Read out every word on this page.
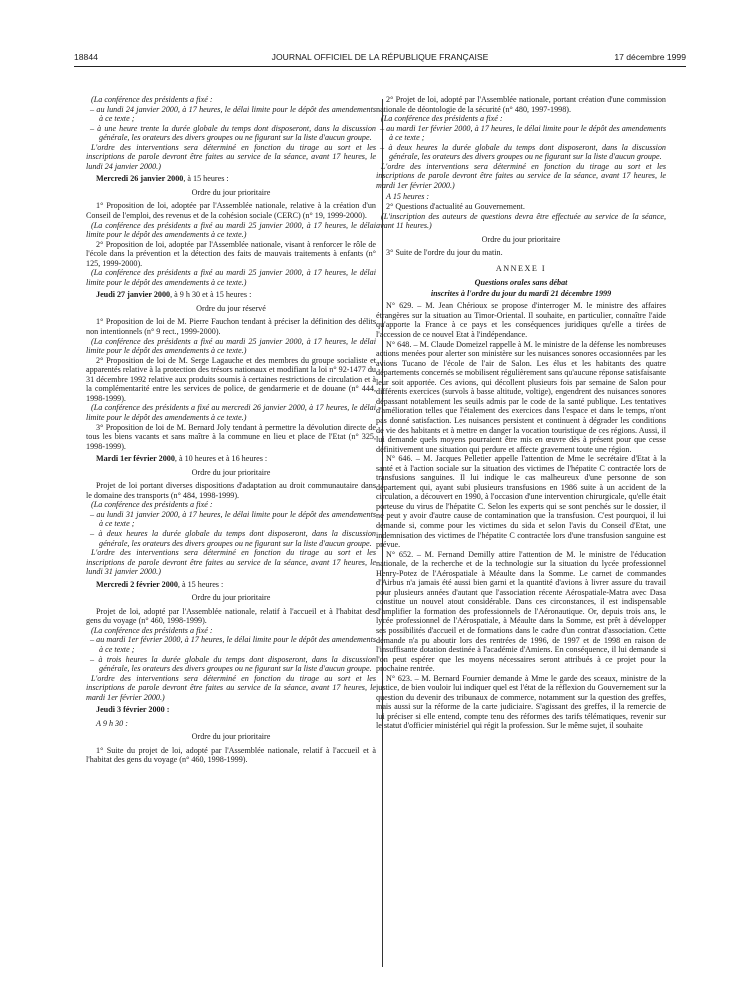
18844	JOURNAL OFFICIEL DE LA RÉPUBLIQUE FRANÇAISE	17 décembre 1999

(La conférence des présidents a fixé :

– au lundi 24 janvier 2000, à 17 heures, le délai limite pour le dépôt des amendements à ce texte ;

– à une heure trente la durée globale du temps dont disposeront, dans la discussion générale, les orateurs des divers groupes ou ne figurant sur la liste d'aucun groupe.

L'ordre des interventions sera déterminé en fonction du tirage au sort et les inscriptions de parole devront être faites au service de la séance, avant 17 heures, le lundi 24 janvier 2000.)

Mercredi 26 janvier 2000, à 15 heures :

Ordre du jour prioritaire

1° Proposition de loi, adoptée par l'Assemblée nationale, relative à la création d'un Conseil de l'emploi, des revenus et de la cohésion sociale (CERC) (n° 19, 1999-2000).

(La conférence des présidents a fixé au mardi 25 janvier 2000, à 17 heures, le délai limite pour le dépôt des amendements à ce texte.)

2° Proposition de loi, adoptée par l'Assemblée nationale, visant à renforcer le rôle de l'école dans la prévention et la détection des faits de mauvais traitements à enfants (n° 125, 1999-2000).

(La conférence des présidents a fixé au mardi 25 janvier 2000, à 17 heures, le délai limite pour le dépôt des amendements à ce texte.)

Jeudi 27 janvier 2000, à 9 h 30 et à 15 heures :

Ordre du jour réservé

1° Proposition de loi de M. Pierre Fauchon tendant à préciser la définition des délits non intentionnels (n° 9 rect., 1999-2000).

(La conférence des présidents a fixé au mardi 25 janvier 2000, à 17 heures, le délai limite pour le dépôt des amendements à ce texte.)

2° Proposition de loi de M. Serge Lagauche et des membres du groupe socialiste et apparentés relative à la protection des trésors nationaux et modifiant la loi n° 92-1477 du 31 décembre 1992 relative aux produits soumis à certaines restrictions de circulation et à la complémentarité entre les services de police, de gendarmerie et de douane (n° 444, 1998-1999).

(La conférence des présidents a fixé au mercredi 26 janvier 2000, à 17 heures, le délai limite pour le dépôt des amendements à ce texte.)

3° Proposition de loi de M. Bernard Joly tendant à permettre la dévolution directe de tous les biens vacants et sans maître à la commune en lieu et place de l'Etat (n° 325, 1998-1999).

Mardi 1er février 2000, à 10 heures et à 16 heures :

Ordre du jour prioritaire

Projet de loi portant diverses dispositions d'adaptation au droit communautaire dans le domaine des transports (n° 484, 1998-1999).

(La conférence des présidents a fixé :

– au lundi 31 janvier 2000, à 17 heures, le délai limite pour le dépôt des amendements à ce texte ;

– à deux heures la durée globale du temps dont disposeront, dans la discussion générale, les orateurs des divers groupes ou ne figurant sur la liste d'aucun groupe.

L'ordre des interventions sera déterminé en fonction du tirage au sort et les inscriptions de parole devront être faites au service de la séance, avant 17 heures, le lundi 31 janvier 2000.)

Mercredi 2 février 2000, à 15 heures :

Ordre du jour prioritaire

Projet de loi, adopté par l'Assemblée nationale, relatif à l'accueil et à l'habitat des gens du voyage (n° 460, 1998-1999).

(La conférence des présidents a fixé :

– au mardi 1er février 2000, à 17 heures, le délai limite pour le dépôt des amendements à ce texte ;

– à trois heures la durée globale du temps dont disposeront, dans la discussion générale, les orateurs des divers groupes ou ne figurant sur la liste d'aucun groupe.

L'ordre des interventions sera déterminé en fonction du tirage au sort et les inscriptions de parole devront être faites au service de la séance, avant 17 heures, le mardi 1er février 2000.)

Jeudi 3 février 2000 :

A 9 h 30 :

Ordre du jour prioritaire

1° Suite du projet de loi, adopté par l'Assemblée nationale, relatif à l'accueil et à l'habitat des gens du voyage (n° 460, 1998-1999).

2° Projet de loi, adopté par l'Assemblée nationale, portant création d'une commission nationale de déontologie de la sécurité (n° 480, 1997-1998).

(La conférence des présidents a fixé :

– au mardi 1er février 2000, à 17 heures, le délai limite pour le dépôt des amendements à ce texte ;

– à deux heures la durée globale du temps dont disposeront, dans la discussion générale, les orateurs des divers groupes ou ne figurant sur la liste d'aucun groupe.

L'ordre des interventions sera déterminé en fonction du tirage au sort et les inscriptions de parole devront être faites au service de la séance, avant 17 heures, le mardi 1er février 2000.)

A 15 heures :

2° Questions d'actualité au Gouvernement.

(L'inscription des auteurs de questions devra être effectuée au service de la séance, avant 11 heures.)

Ordre du jour prioritaire

3° Suite de l'ordre du jour du matin.

ANNEXE I

Questions orales sans débat

inscrites à l'ordre du jour du mardi 21 décembre 1999

N° 629. – M. Jean Chérioux se propose d'interroger M. le ministre des affaires étrangères sur la situation au Timor-Oriental. Il souhaite, en particulier, connaître l'aide qu'apporte la France à ce pays et les conséquences juridiques qu'elle a tirées de l'accession de ce nouvel Etat à l'indépendance.

N° 648. – M. Claude Domeizel rappelle à M. le ministre de la défense les nombreuses actions menées pour alerter son ministère sur les nuisances sonores occasionnées par les avions Tucano de l'école de l'air de Salon. Les élus et les habitants des quatre départements concernés se mobilisent régulièrement sans qu'aucune réponse satisfaisante leur soit apportée. Ces avions, qui décollent plusieurs fois par semaine de Salon pour différents exercices (survols à basse altitude, voltige), engendrent des nuisances sonores dépassant notablement les seuils admis par le code de la santé publique. Les tentatives d'amélioration telles que l'étalement des exercices dans l'espace et dans le temps, n'ont pas donné satisfaction. Les nuisances persistent et continuent à dégrader les conditions de vie des habitants et à mettre en danger la vocation touristique de ces régions. Aussi, il lui demande quels moyens pourraient être mis en œuvre dès à présent pour que cesse définitivement une situation qui perdure et affecte gravement toute une région.

N° 646. – M. Jacques Pelletier appelle l'attention de Mme le secrétaire d'Etat à la santé et à l'action sociale sur la situation des victimes de l'hépatite C contractée lors de transfusions sanguines. Il lui indique le cas malheureux d'une personne de son département qui, ayant subi plusieurs transfusions en 1986 suite à un accident de la circulation, a découvert en 1990, à l'occasion d'une intervention chirurgicale, qu'elle était porteuse du virus de l'hépatite C. Selon les experts qui se sont penchés sur le dossier, il ne peut y avoir d'autre cause de contamination que la transfusion. C'est pourquoi, il lui demande si, comme pour les victimes du sida et selon l'avis du Conseil d'Etat, une indemnisation des victimes de l'hépatite C contractée lors d'une transfusion sanguine est prévue.

N° 652. – M. Fernand Demilly attire l'attention de M. le ministre de l'éducation nationale, de la recherche et de la technologie sur la situation du lycée professionnel Henry-Potez de l'Aérospatiale à Méaulte dans la Somme. Le carnet de commandes d'Airbus n'a jamais été aussi bien garni et la quantité d'avions à livrer assure du travail pour plusieurs années d'autant que l'association récente Aérospatiale-Matra avec Dasa constitue un nouvel atout considérable. Dans ces circonstances, il est indispensable d'amplifier la formation des professionnels de l'Aéronautique. Or, depuis trois ans, le lycée professionnel de l'Aérospatiale, à Méaulte dans la Somme, est prêt à développer ses possibilités d'accueil et de formations dans le cadre d'un contrat d'association. Cette demande n'a pu aboutir lors des rentrées de 1996, de 1997 et de 1998 en raison de l'insuffisante dotation destinée à l'académie d'Amiens. En conséquence, il lui demande si l'on peut espérer que les moyens nécessaires seront attribués à ce projet pour la prochaine rentrée.

N° 623. – M. Bernard Fournier demande à Mme le garde des sceaux, ministre de la justice, de bien vouloir lui indiquer quel est l'état de la réflexion du Gouvernement sur la question du devenir des tribunaux de commerce, notamment sur la question des greffes, mais aussi sur la réforme de la carte judiciaire. S'agissant des greffes, il la remercie de lui préciser si elle entend, compte tenu des réformes des tarifs télématiques, revenir sur le statut d'officier ministériel qui régit la profession. Sur le même sujet, il souhaite
